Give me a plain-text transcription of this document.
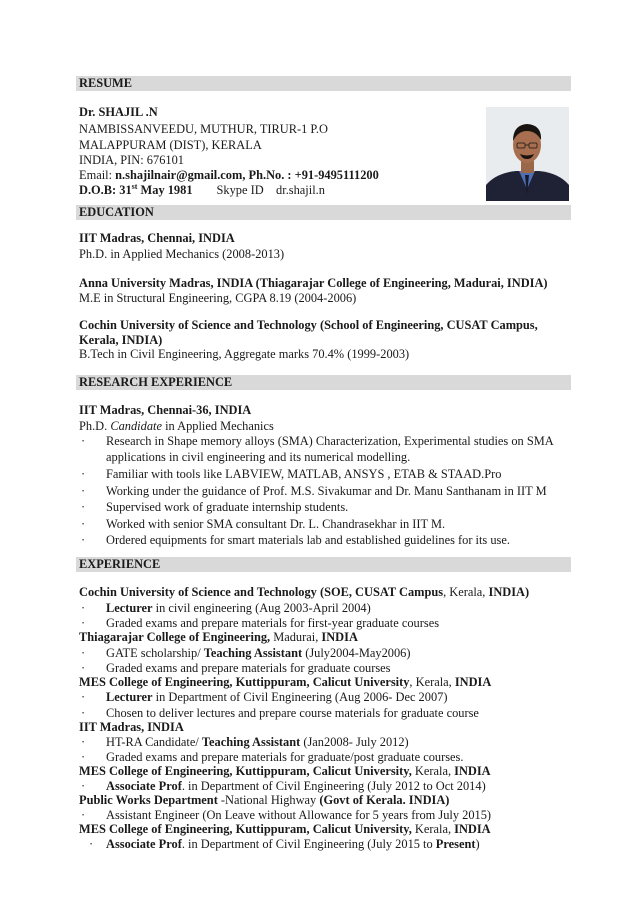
RESUME
Dr. SHAJIL .N
NAMBISSANVEEDU, MUTHUR, TIRUR-1 P.O
MALAPPURAM (DIST), KERALA
INDIA, PIN: 676101
Email: n.shajilnair@gmail.com, Ph.No. : +91-9495111200
D.O.B: 31st May 1981 Skype ID    dr.shajil.n
EDUCATION
IIT Madras, Chennai, INDIA
Ph.D. in Applied Mechanics (2008-2013)
Anna University Madras, INDIA (Thiagarajar College of Engineering, Madurai, INDIA)
M.E in Structural Engineering, CGPA 8.19 (2004-2006)
Cochin University of Science and Technology (School of Engineering, CUSAT Campus,
Kerala, INDIA)
B.Tech in Civil Engineering, Aggregate marks 70.4% (1999-2003)
RESEARCH EXPERIENCE
IIT Madras, Chennai-36, INDIA
Ph.D. Candidate in Applied Mechanics
· Research in Shape memory alloys (SMA) Characterization, Experimental studies on SMA
applications in civil engineering and its numerical modelling.
· Familiar with tools like LABVIEW, MATLAB, ANSYS , ETAB & STAAD.Pro
· Working under the guidance of Prof. M.S. Sivakumar and Dr. Manu Santhanam in IIT M
· Supervised work of graduate internship students.
· Worked with senior SMA consultant Dr. L. Chandrasekhar in IIT M.
· Ordered equipments for smart materials lab and established guidelines for its use.
EXPERIENCE
Cochin University of Science and Technology (SOE, CUSAT Campus, Kerala, INDIA)
· Lecturer in civil engineering (Aug 2003-April 2004)
· Graded exams and prepare materials for first-year graduate courses
Thiagarajar College of Engineering, Madurai, INDIA
· GATE scholarship/ Teaching Assistant (July2004-May2006)
· Graded exams and prepare materials for graduate courses
MES College of Engineering, Kuttippuram, Calicut University, Kerala, INDIA
· Lecturer in Department of Civil Engineering (Aug 2006- Dec 2007)
· Chosen to deliver lectures and prepare course materials for graduate course
IIT Madras, INDIA
· HT-RA Candidate/ Teaching Assistant (Jan2008- July 2012)
· Graded exams and prepare materials for graduate/post graduate courses.
MES College of Engineering, Kuttippuram, Calicut University, Kerala, INDIA
· Associate Prof. in Department of Civil Engineering (July 2012 to Oct 2014)
Public Works Department -National Highway (Govt of Kerala. INDIA)
· Assistant Engineer (On Leave without Allowance for 5 years from July 2015)
MES College of Engineering, Kuttippuram, Calicut University, Kerala, INDIA
· Associate Prof. in Department of Civil Engineering (July 2015 to Present)
